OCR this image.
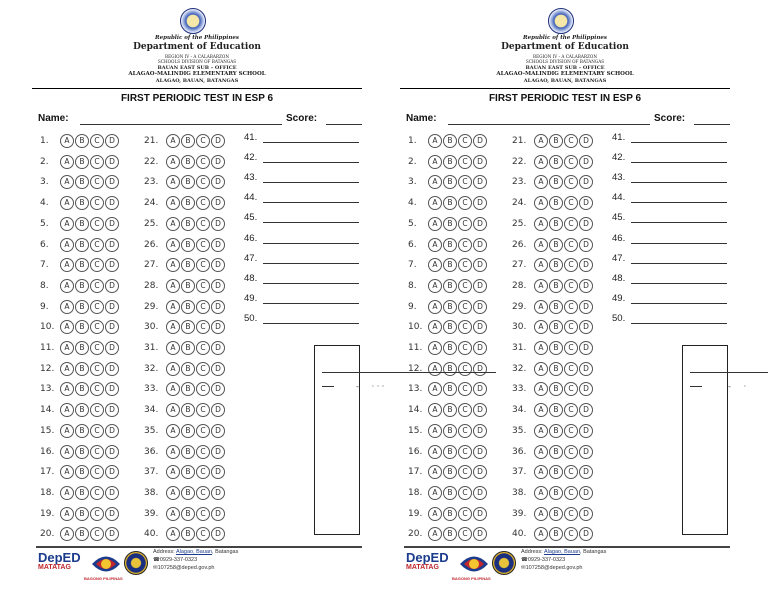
Republic of the Philippines
Department of Education
REGION IV - A CALABARZON
SCHOOLS DIVISION OF BATANGAS
BAUAN EAST SUB – OFFICE
ALAGAO-MALINDIG ELEMENTARY SCHOOL
ALAGAO, BAUAN, BATANGAS
FIRST PERIODIC TEST IN ESP 6
Name:	Score:
1. A B C D
2. A B C D
3. A B C D
4. A B C D
5. A B C D
6. A B C D
7. A B C D
8. A B C D
9. A B C D
10. A B C D
11. A B C D
12. A B C D
13. A B C D
14. A B C D
15. A B C D
16. A B C D
17. A B C D
18. A B C D
19. A B C D
20. A B C D
21. A B C D
22. A B C D
23. A B C D
24. A B C D
25. A B C D
26. A B C D
27. A B C D
28. A B C D
29. A B C D
30. A B C D
31. A B C D
32. A B C D
33. A B C D
34. A B C D
35. A B C D
36. A B C D
37. A B C D
38. A B C D
39. A B C D
40. A B C D
41.
42.
43.
44.
45.
46.
47.
48.
49.
50.
DepED
MATATAG
BAGONG PILIPINAS
Address: Alagao, Bauan, Batangas
☎0929-337-0323
✉107258@deped.gov.ph
Republic of the Philippines
Department of Education
REGION IV - A CALABARZON
SCHOOLS DIVISION OF BATANGAS
BAUAN EAST SUB – OFFICE
ALAGAO-MALINDIG ELEMENTARY SCHOOL
ALAGAO, BAUAN, BATANGAS
FIRST PERIODIC TEST IN ESP 6
Name:	Score:
1. A B C D
2. A B C D
3. A B C D
4. A B C D
5. A B C D
6. A B C D
7. A B C D
8. A B C D
9. A B C D
10. A B C D
11. A B C D
12. A B C D
13. A B C D
14. A B C D
15. A B C D
16. A B C D
17. A B C D
18. A B C D
19. A B C D
20. A B C D
21. A B C D
22. A B C D
23. A B C D
24. A B C D
25. A B C D
26. A B C D
27. A B C D
28. A B C D
29. A B C D
30. A B C D
31. A B C D
32. A B C D
33. A B C D
34. A B C D
35. A B C D
36. A B C D
37. A B C D
38. A B C D
39. A B C D
40. A B C D
41.
42.
43.
44.
45.
46.
47.
48.
49.
50.
DepED
MATATAG
BAGONG PILIPINAS
Address: Alagao, Bauan, Batangas
☎0929-337-0323
✉107258@deped.gov.ph
-     · · ·	-     ·
